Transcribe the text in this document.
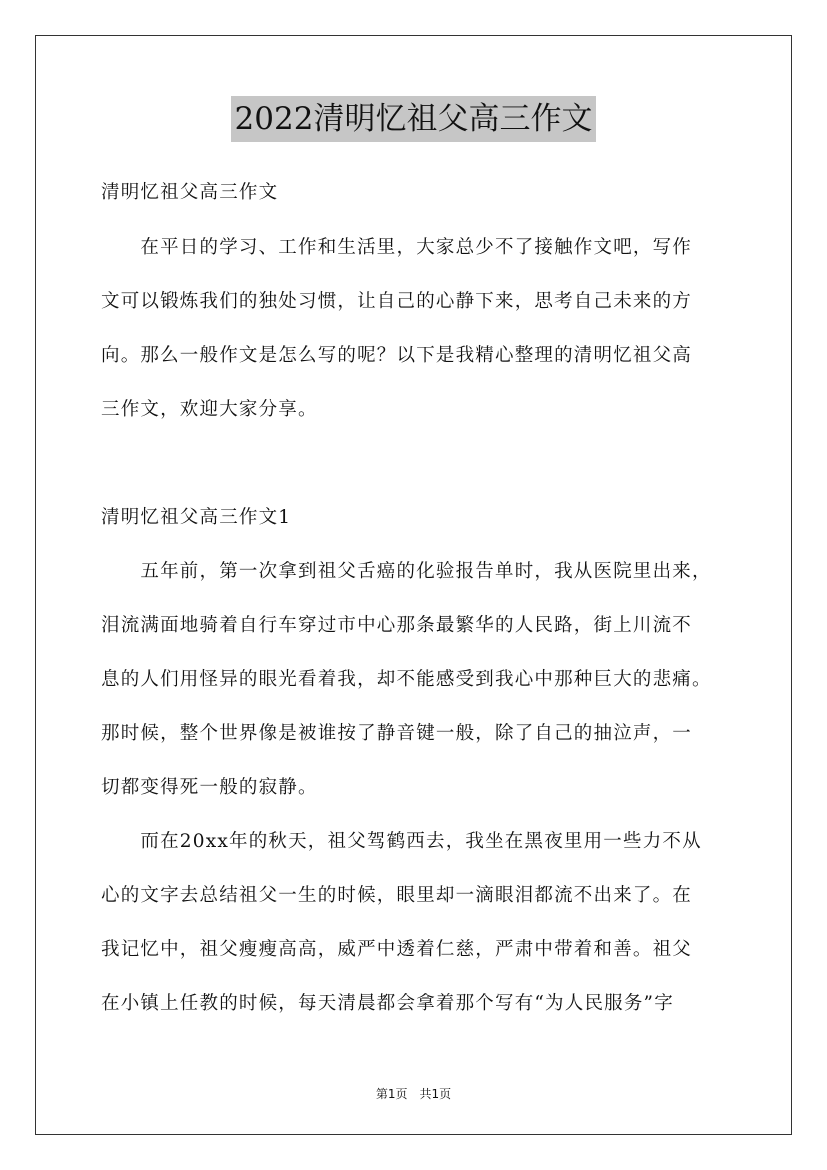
2022清明忆祖父高三作文
清明忆祖父高三作文
　　在平日的学习、工作和生活里，大家总少不了接触作文吧，写作
文可以锻炼我们的独处习惯，让自己的心静下来，思考自己未来的方
向。那么一般作文是怎么写的呢？以下是我精心整理的清明忆祖父高
三作文，欢迎大家分享。
清明忆祖父高三作文1
　　五年前，第一次拿到祖父舌癌的化验报告单时，我从医院里出来，
泪流满面地骑着自行车穿过市中心那条最繁华的人民路，街上川流不
息的人们用怪异的眼光看着我，却不能感受到我心中那种巨大的悲痛。
那时候，整个世界像是被谁按了静音键一般，除了自己的抽泣声，一
切都变得死一般的寂静。
　　而在20xx年的秋天，祖父驾鹤西去，我坐在黑夜里用一些力不从
心的文字去总结祖父一生的时候，眼里却一滴眼泪都流不出来了。在
我记忆中，祖父瘦瘦高高，威严中透着仁慈，严肃中带着和善。祖父
在小镇上任教的时候，每天清晨都会拿着那个写有“为人民服务”字
第1页　共1页
